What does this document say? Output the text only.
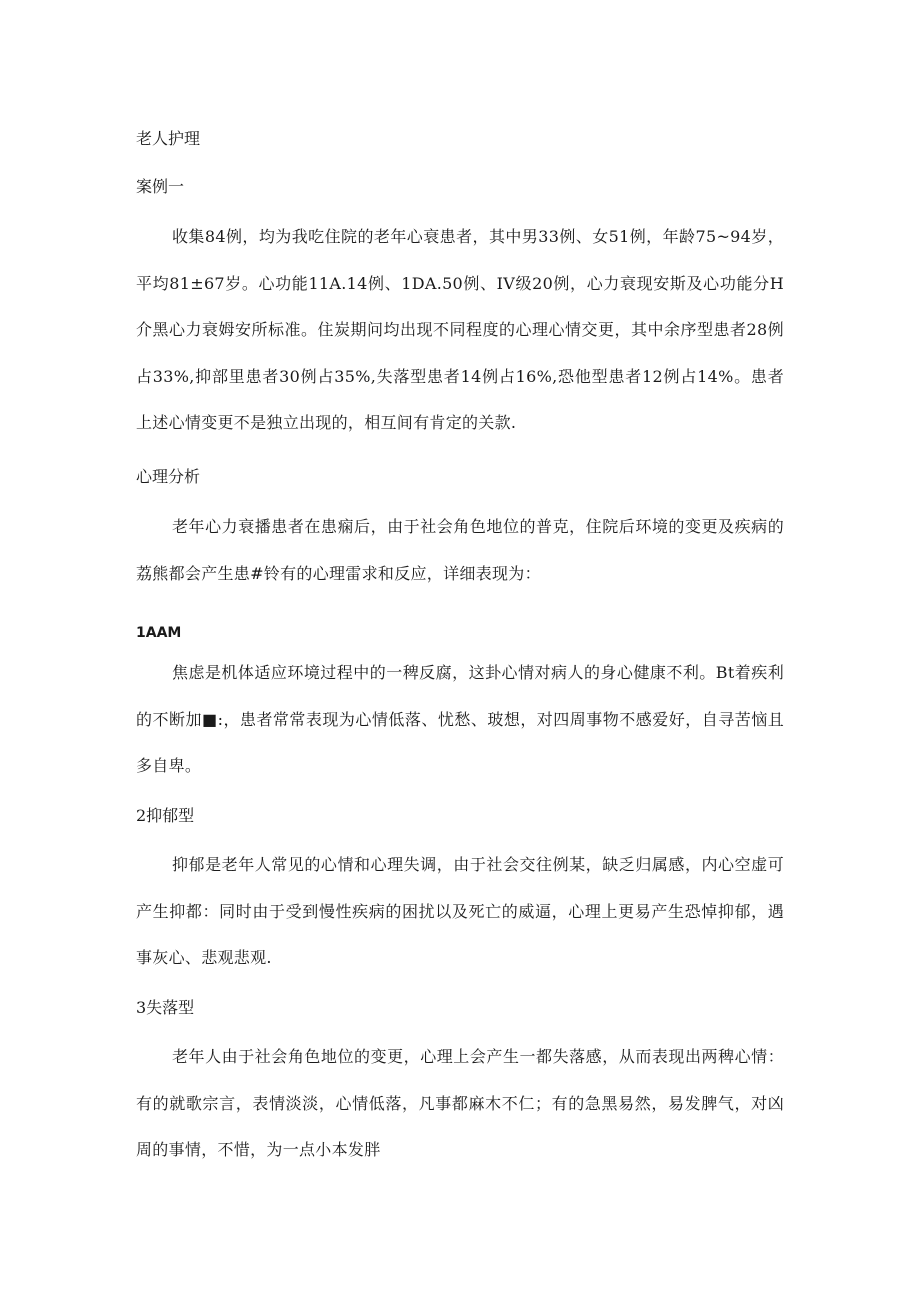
老人护理
案例一
收集84例，均为我吃住院的老年心衰患者，其中男33例、女51例，年龄75~94岁，平均81±67岁。心功能11A.14例、1DA.50例、IV级20例，心力衰现安斯及心功能分H介黑心力衰姆安所标准。住炭期问均出现不同程度的心理心情交更，其中余序型患者28例占33%,抑部里患者30例占35%,失落型患者14例占16%,恐他型患者12例占14%。患者上述心情变更不是独立出现的，相互间有肯定的关款.
心理分析
老年心力衰播患者在患痫后，由于社会角色地位的普克，住院后环境的变更及疾病的荔熊都会产生患#铃有的心理雷求和反应，详细表现为：
1AAM
焦虑是机体适应环境过程中的一稗反腐，这卦心情对病人的身心健康不利。Bt着疾利的不断加■:，患者常常表现为心情低落、忧愁、玻想，对四周事物不感爱好，自寻苦恼且多自卑。
2抑郁型
抑郁是老年人常见的心情和心理失调，由于社会交往例某，缺乏归属感，内心空虚可产生抑都：同时由于受到慢性疾病的困扰以及死亡的威逼，心理上更易产生恐悼抑郁，遇事灰心、悲观悲观.
3失落型
老年人由于社会角色地位的变更，心理上会产生一都失落感，从而表现出两稗心情：有的就歌宗言，表情淡淡，心情低落，凡事都麻木不仁；有的急黑易然，易发脾气，对凶周的事情，不惜，为一点小本发胖
